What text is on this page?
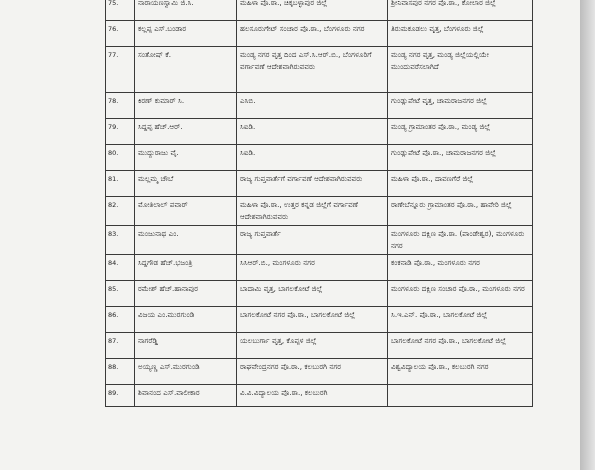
75.	ನಾರಾಯಣಸ್ವಾಮಿ ಜಿ.ಸಿ.	ಮಹಿಳಾ ಪೊ.ಠಾ., ಚಿಕ್ಕಬಳ್ಳಾಪುರ ಜಿಲ್ಲೆ	ಶ್ರೀನಿವಾಸಪುರ ನಗರ ಪೊ.ಠಾ., ಕೋಲಾರ ಜಿಲ್ಲೆ
76.	ಕಲ್ಲಪ್ಪ ಎಸ್.ಬಂಡಾರ	ಹಲಸೂರುಗೇಟ್ ಸಂಚಾರ ಪೊ.ಠಾ., ಬೆಂಗಳೂರು ನಗರ	ತಿರುಮಕೂಡಲು ವೃತ್ತ, ಬೆಂಗಳೂರು ಜಿಲ್ಲೆ
77.	ಸಂತೋಷ್ ಕೆ.	ಮಂಡ್ಯ ನಗರ ವೃತ್ತ ದಿಂದ ಎಸ್.ಸಿ.ಆರ್.ಬಿ., ಬೆಂಗಳೂರಿಗೆ ವರ್ಗಾವಣೆ ಆದೇಶವಾಗಿರುವವರು	ಮಂಡ್ಯ ನಗರ ವೃತ್ತ, ಮಂಡ್ಯ ಜಿಲ್ಲೆಯಲ್ಲಿಯೇ ಮುಂದುವರೆಸಲಾಗಿದೆ
78.	ಕಿರಣ್ ಕುಮಾರ್ ಸಿ.	ಎಸಿಬಿ.	ಗುಂಡ್ಲುಪೇಟೆ ವೃತ್ತ, ಚಾಮರಾಜನಗರ ಜಿಲ್ಲೆ
79.	ಸಿದ್ದಪ್ಪ ಹೆಚ್.ಆರ್.	ಸಿಐಡಿ.	ಮಂಡ್ಯ ಗ್ರಾಮಾಂತರ ಪೊ.ಠಾ., ಮಂಡ್ಯ ಜಿಲ್ಲೆ
80.	ಮುದ್ದುರಾಜು ವೈ.	ಸಿಐಡಿ.	ಗುಂಡ್ಲುಪೇಟೆ ಪೊ.ಠಾ., ಚಾಮರಾಜನಗರ ಜಿಲ್ಲೆ
81.	ಮಲ್ಲಮ್ಮ ಚೌಬೆ	ರಾಜ್ಯ ಗುಪ್ತವಾರ್ತೆಗೆ ವರ್ಗಾವಣೆ ಆದೇಶವಾಗಿರುವವರು	ಮಹಿಳಾ ಪೊ.ಠಾ., ದಾವಣಗೆರೆ ಜಿಲ್ಲೆ
82.	ಮೋತಿಲಾಲ್ ಪವಾರ್	ಮಹಿಳಾ ಪೊ.ಠಾ., ಉತ್ತರ ಕನ್ನಡ ಜಿಲ್ಲೆಗೆ ವರ್ಗಾವಣೆ ಆದೇಶವಾಗಿರುವವರು	ರಾಣೇಬೆನ್ನೂರು ಗ್ರಾಮಾಂತರ ಪೊ.ಠಾ., ಹಾವೇರಿ ಜಿಲ್ಲೆ
83.	ಮಂಜುನಾಥ ಎಂ.	ರಾಜ್ಯ ಗುಪ್ತವಾರ್ತೆ	ಮಂಗಳೂರು ದಕ್ಷಿಣ ಪೊ.ಠಾ. (ಪಾಂಡೇಶ್ವರ), ಮಂಗಳೂರು ನಗರ
84.	ಸಿದ್ದಗೌಡ ಹೆಚ್.ಭಜಂತ್ರಿ	ಸಿಸಿಆರ್.ಬಿ., ಮಂಗಳೂರು ನಗರ	ಕಂಕನಾಡಿ ಪೊ.ಠಾ., ಮಂಗಳೂರು ನಗರ
85.	ರಮೇಶ್ ಹೆಚ್.ಹಾನಾಪುರ	ಬಾದಾಮಿ ವೃತ್ತ, ಬಾಗಲಕೋಟೆ ಜಿಲ್ಲೆ	ಮಂಗಳೂರು ದಕ್ಷಿಣ ಸಂಚಾರ ಪೊ.ಠಾ., ಮಂಗಳೂರು ನಗರ
86.	ವಿಜಯ ಎಂ.ಮುರಗುಂಡಿ	ಬಾಗಲಕೋಟೆ ನಗರ ಪೊ.ಠಾ., ಬಾಗಲಕೋಟೆ ಜಿಲ್ಲೆ	ಸಿ.ಇ.ಎನ್. ಪೊ.ಠಾ., ಬಾಗಲಕೋಟೆ ಜಿಲ್ಲೆ
87.	ನಾಗರೆಡ್ಡಿ	ಯಲಬುರ್ಗಾ ವೃತ್ತ, ಕೊಪ್ಪಳ ಜಿಲ್ಲೆ	ಬಾಗಲಕೋಟೆ ನಗರ ಪೊ.ಠಾ., ಬಾಗಲಕೋಟೆ ಜಿಲ್ಲೆ
88.	ಅಯ್ಯಣ್ಣ ಎಸ್.ಮುರಗುಂಡಿ	ರಾಘವೇಂದ್ರನಗರ ಪೊ.ಠಾ., ಕಲಬುರಗಿ ನಗರ	ವಿಶ್ವವಿದ್ಯಾಲಯ ಪೊ.ಠಾ., ಕಲಬುರಗಿ ನಗರ
89.	ಶಿವಾನಂದ ಎಸ್.ವಾಲೀಕಾರ	ವಿ.ವಿ.ವಿದ್ಯಾಲಯ ಪೊ.ಠಾ., ಕಲಬುರಗಿ	
